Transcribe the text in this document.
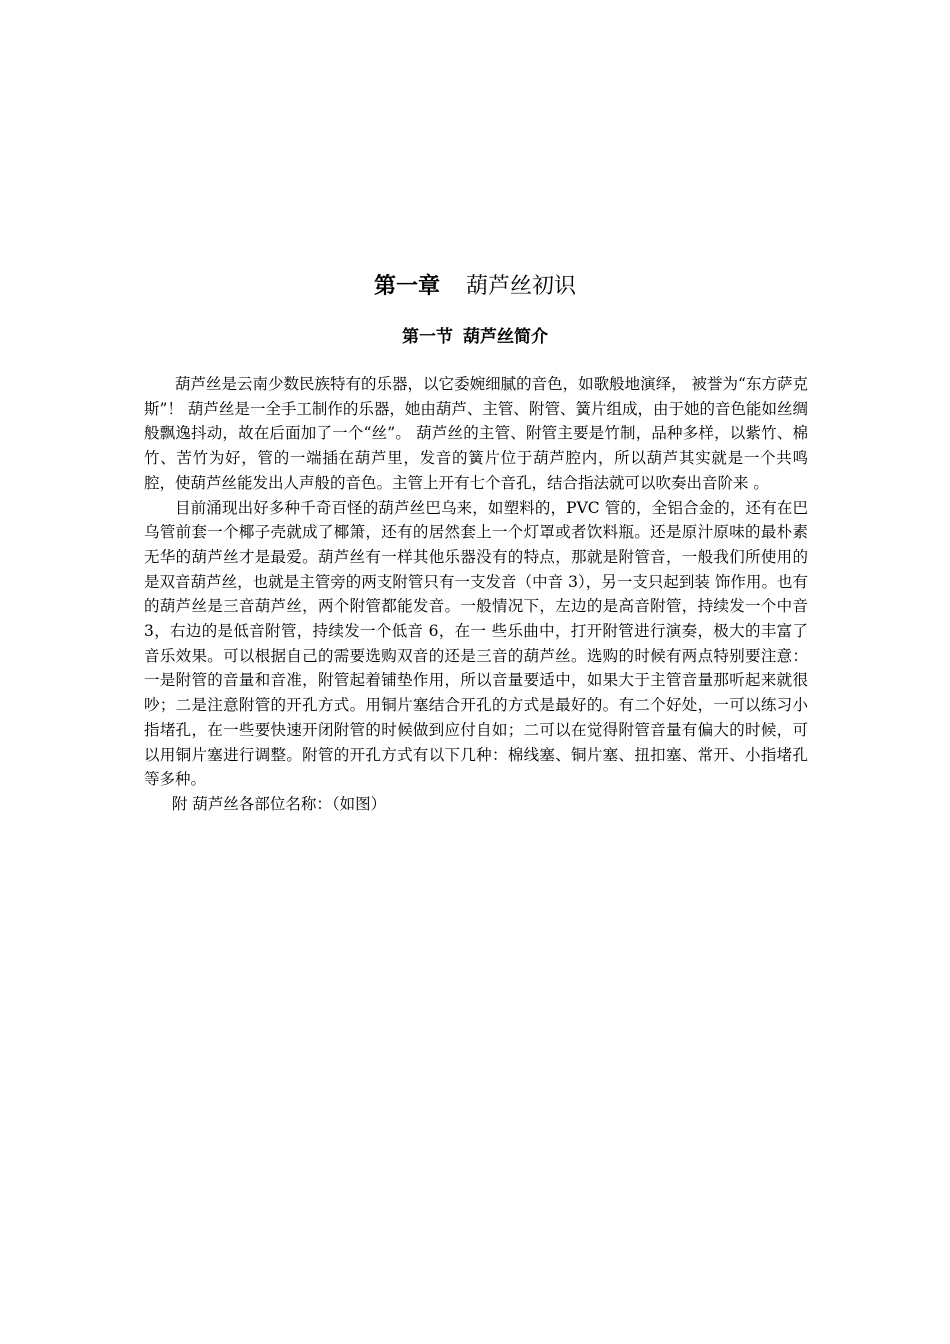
第一章 葫芦丝初识
第一节 葫芦丝简介

葫芦丝是云南少数民族特有的乐器，以它委婉细腻的音色，如歌般地演绎， 被誉为“东方萨克斯”！ 葫芦丝是一全手工制作的乐器，她由葫芦、主管、附管、簧片组成，由于她的音色能如丝绸般飘逸抖动，故在后面加了一个“丝”。 葫芦丝的主管、附管主要是竹制，品种多样，以紫竹、棉竹、苦竹为好，管的一端插在葫芦里，发音的簧片位于葫芦腔内，所以葫芦其实就是一个共鸣腔，使葫芦丝能发出人声般的音色。主管上开有七个音孔，结合指法就可以吹奏出音阶来 。

目前涌现出好多种千奇百怪的葫芦丝巴乌来，如塑料的，PVC 管的，全铝合金的，还有在巴乌管前套一个椰子壳就成了椰箫，还有的居然套上一个灯罩或者饮料瓶。还是原汁原味的最朴素无华的葫芦丝才是最爱。葫芦丝有一样其他乐器没有的特点，那就是附管音，一般我们所使用的是双音葫芦丝，也就是主管旁的两支附管只有一支发音（中音 3），另一支只起到装 饰作用。也有的葫芦丝是三音葫芦丝，两个附管都能发音。一般情况下，左边的是高音附管，持续发一个中音 3，右边的是低音附管，持续发一个低音 6，在一 些乐曲中，打开附管进行演奏，极大的丰富了音乐效果。可以根据自己的需要选购双音的还是三音的葫芦丝。选购的时候有两点特别要注意：一是附管的音量和音准，附管起着铺垫作用，所以音量要适中，如果大于主管音量那听起来就很吵；二是注意附管的开孔方式。用铜片塞结合开孔的方式是最好的。有二个好处，一可以练习小指堵孔，在一些要快速开闭附管的时候做到应付自如；二可以在觉得附管音量有偏大的时候，可以用铜片塞进行调整。附管的开孔方式有以下几种：棉线塞、铜片塞、扭扣塞、常开、小指堵孔等多种。

附 葫芦丝各部位名称：（如图）
